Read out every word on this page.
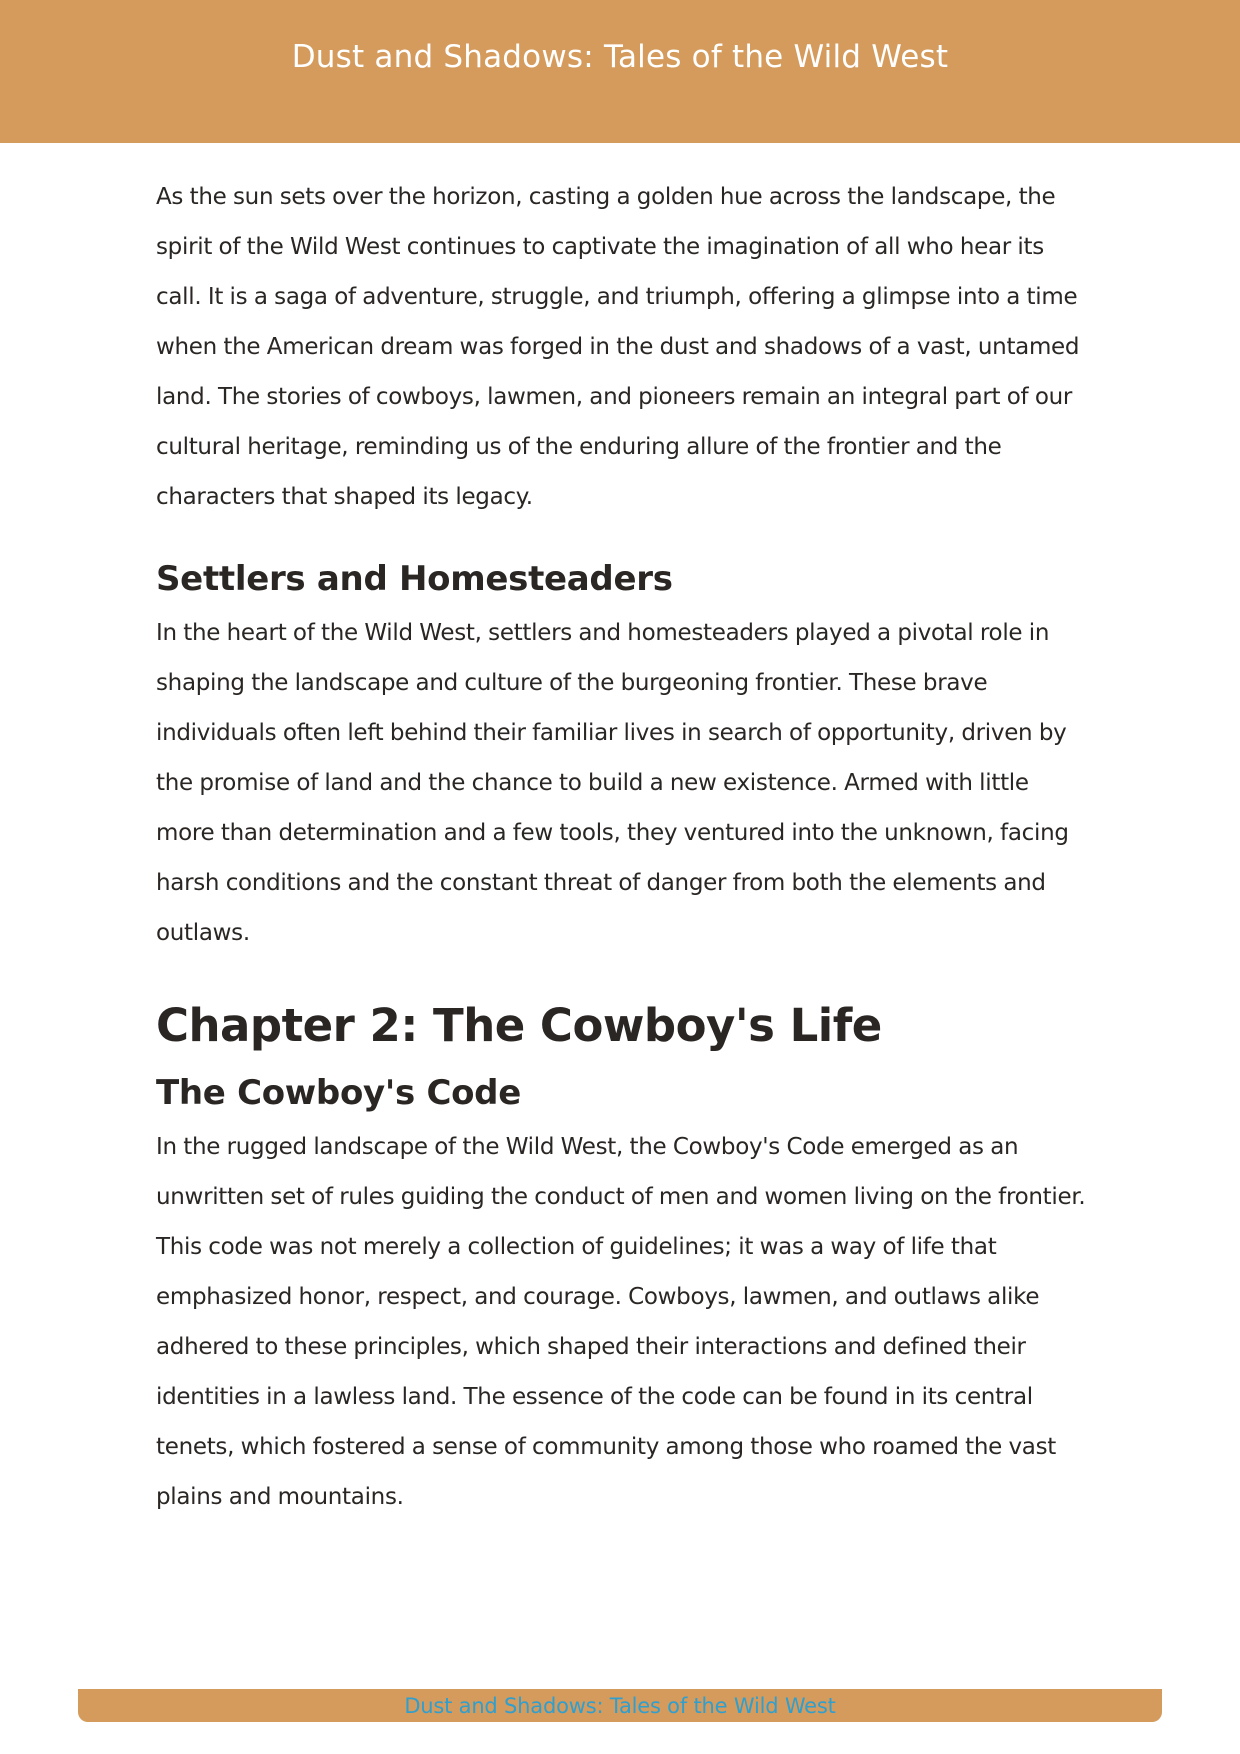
Dust and Shadows: Tales of the Wild West

As the sun sets over the horizon, casting a golden hue across the landscape, the spirit of the Wild West continues to captivate the imagination of all who hear its call. It is a saga of adventure, struggle, and triumph, offering a glimpse into a time when the American dream was forged in the dust and shadows of a vast, untamed land. The stories of cowboys, lawmen, and pioneers remain an integral part of our cultural heritage, reminding us of the enduring allure of the frontier and the characters that shaped its legacy.

Settlers and Homesteaders

In the heart of the Wild West, settlers and homesteaders played a pivotal role in shaping the landscape and culture of the burgeoning frontier. These brave individuals often left behind their familiar lives in search of opportunity, driven by the promise of land and the chance to build a new existence. Armed with little more than determination and a few tools, they ventured into the unknown, facing harsh conditions and the constant threat of danger from both the elements and outlaws.

Chapter 2: The Cowboy's Life
The Cowboy's Code

In the rugged landscape of the Wild West, the Cowboy's Code emerged as an unwritten set of rules guiding the conduct of men and women living on the frontier. This code was not merely a collection of guidelines; it was a way of life that emphasized honor, respect, and courage. Cowboys, lawmen, and outlaws alike adhered to these principles, which shaped their interactions and defined their identities in a lawless land. The essence of the code can be found in its central tenets, which fostered a sense of community among those who roamed the vast plains and mountains.

Dust and Shadows: Tales of the Wild West
